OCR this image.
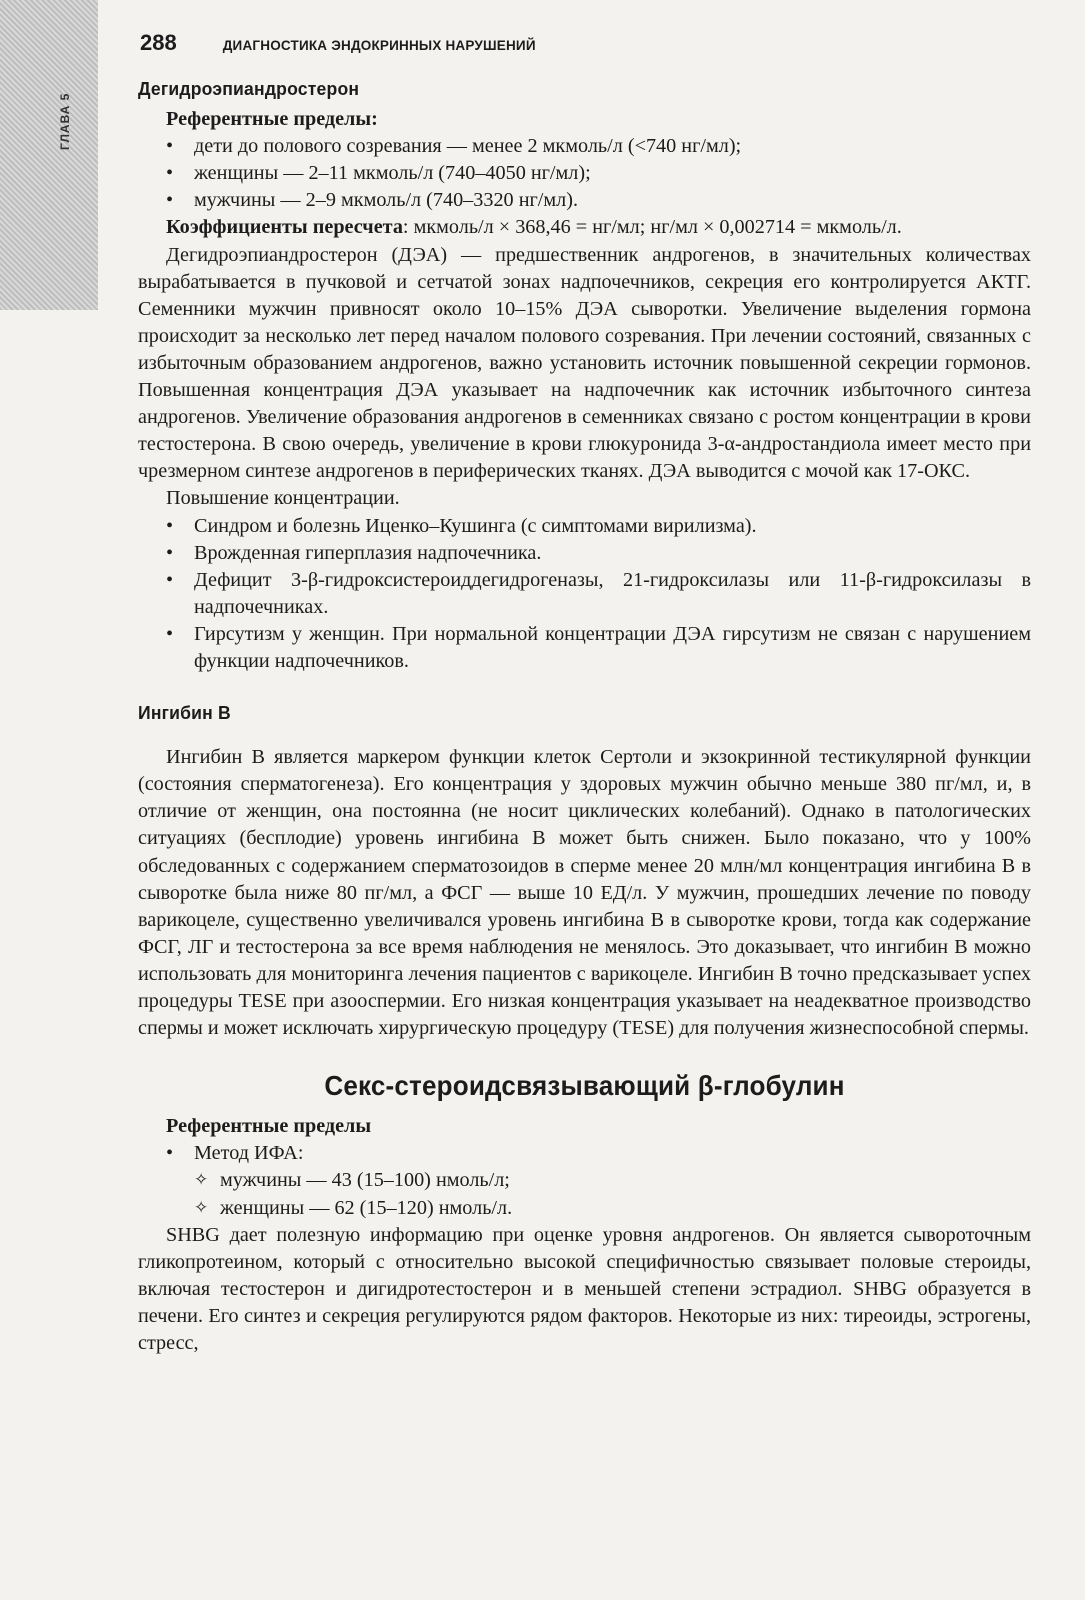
ГЛАВА 5
288	ДИАГНОСТИКА ЭНДОКРИННЫХ НАРУШЕНИЙ
Дегидроэпиандростерон
Референтные пределы:
• дети до полового созревания — менее 2 мкмоль/л (<740 нг/мл);
• женщины — 2–11 мкмоль/л (740–4050 нг/мл);
• мужчины — 2–9 мкмоль/л (740–3320 нг/мл).

Коэффициенты пересчета: мкмоль/л × 368,46 = нг/мл; нг/мл × 0,002714 = мкмоль/л.

Дегидроэпиандростерон (ДЭА) — предшественник андрогенов, в значительных количествах вырабатывается в пучковой и сетчатой зонах надпочечников, секреция его контролируется АКТГ. Семенники мужчин привносят около 10–15% ДЭА сыворотки. Увеличение выделения гормона происходит за несколько лет перед началом полового созревания. При лечении состояний, связанных с избыточным образованием андрогенов, важно установить источник повышенной секреции гормонов. Повышенная концентрация ДЭА указывает на надпочечник как источник избыточного синтеза андрогенов. Увеличение образования андрогенов в семенниках связано с ростом концентрации в крови тестостерона. В свою очередь, увеличение в крови глюкуронида 3-α-андростандиола имеет место при чрезмерном синтезе андрогенов в периферических тканях. ДЭА выводится с мочой как 17-ОКС.

Повышение концентрации.
• Синдром и болезнь Иценко–Кушинга (с симптомами вирилизма).
• Врожденная гиперплазия надпочечника.
• Дефицит 3-β-гидроксистероиддегидрогеназы, 21-гидроксилазы или 11-β-гидроксилазы в надпочечниках.
• Гирсутизм у женщин. При нормальной концентрации ДЭА гирсутизм не связан с нарушением функции надпочечников.
Ингибин B

Ингибин B является маркером функции клеток Сертоли и экзокринной тестикулярной функции (состояния сперматогенеза). Его концентрация у здоровых мужчин обычно меньше 380 пг/мл, и, в отличие от женщин, она постоянна (не носит циклических колебаний). Однако в патологических ситуациях (бесплодие) уровень ингибина B может быть снижен. Было показано, что у 100% обследованных с содержанием сперматозоидов в сперме менее 20 млн/мл концентрация ингибина B в сыворотке была ниже 80 пг/мл, а ФСГ — выше 10 ЕД/л. У мужчин, прошедших лечение по поводу варикоцеле, существенно увеличивался уровень ингибина B в сыворотке крови, тогда как содержание ФСГ, ЛГ и тестостерона за все время наблюдения не менялось. Это доказывает, что ингибин B можно использовать для мониторинга лечения пациентов с варикоцеле. Ингибин B точно предсказывает успех процедуры TESE при азооспермии. Его низкая концентрация указывает на неадекватное производство спермы и может исключать хирургическую процедуру (TESE) для получения жизнеспособной спермы.

Секс-стероидсвязывающий β-глобулин
Референтные пределы
• Метод ИФА:
✧ мужчины — 43 (15–100) нмоль/л;
✧ женщины — 62 (15–120) нмоль/л.

SHBG дает полезную информацию при оценке уровня андрогенов. Он является сывороточным гликопротеином, который с относительно высокой специфичностью связывает половые стероиды, включая тестостерон и дигидротестостерон и в меньшей степени эстрадиол. SHBG образуется в печени. Его синтез и секреция регулируются рядом факторов. Некоторые из них: тиреоиды, эстрогены, стресс,
